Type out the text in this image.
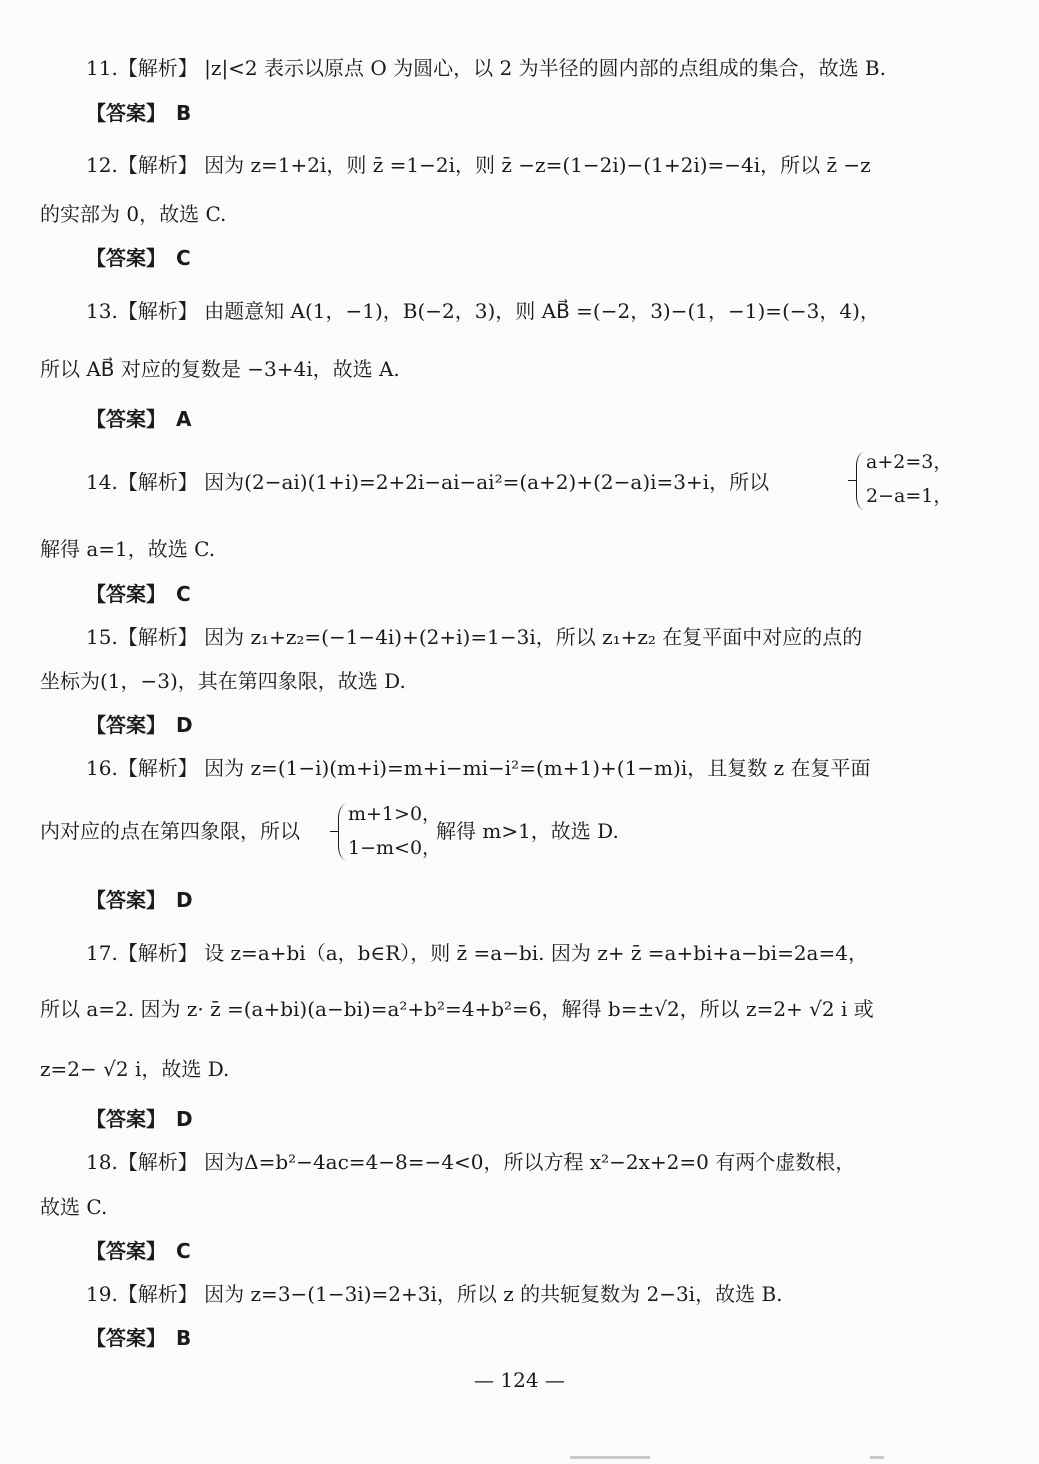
11.【解析】 |z|<2 表示以原点 O 为圆心，以 2 为半径的圆内部的点组成的集合，故选 B.
【答案】　B
12.【解析】 因为 z=1+2i，则 z̄ =1−2i，则 z̄ −z=(1−2i)−(1+2i)=−4i，所以 z̄ −z
的实部为 0，故选 C.
【答案】　C
13.【解析】 由题意知 A(1，−1)，B(−2，3)，则 AB⃗ =(−2，3)−(1，−1)=(−3，4)，
所以 AB⃗ 对应的复数是 −3+4i，故选 A.
【答案】　A
14.【解析】 因为(2−ai)(1+i)=2+2i−ai−ai²=(a+2)+(2−a)i=3+i，所以
a+2=3，
2−a=1，
解得 a=1，故选 C.
【答案】　C
15.【解析】 因为 z₁+z₂=(−1−4i)+(2+i)=1−3i，所以 z₁+z₂ 在复平面中对应的点的
坐标为(1，−3)，其在第四象限，故选 D.
【答案】　D
16.【解析】 因为 z=(1−i)(m+i)=m+i−mi−i²=(m+1)+(1−m)i，且复数 z 在复平面
内对应的点在第四象限，所以
m+1>0，
1−m<0，
解得 m>1，故选 D.
【答案】　D
17.【解析】 设 z=a+bi（a，b∈R），则 z̄ =a−bi. 因为 z+ z̄ =a+bi+a−bi=2a=4，
所以 a=2. 因为 z· z̄ =(a+bi)(a−bi)=a²+b²=4+b²=6，解得 b=±√2，所以 z=2+ √2 i 或
z=2− √2 i，故选 D.
【答案】　D
18.【解析】 因为Δ=b²−4ac=4−8=−4<0，所以方程 x²−2x+2=0 有两个虚数根，
故选 C.
【答案】　C
19.【解析】 因为 z=3−(1−3i)=2+3i，所以 z 的共轭复数为 2−3i，故选 B.
【答案】　B
— 124 —
